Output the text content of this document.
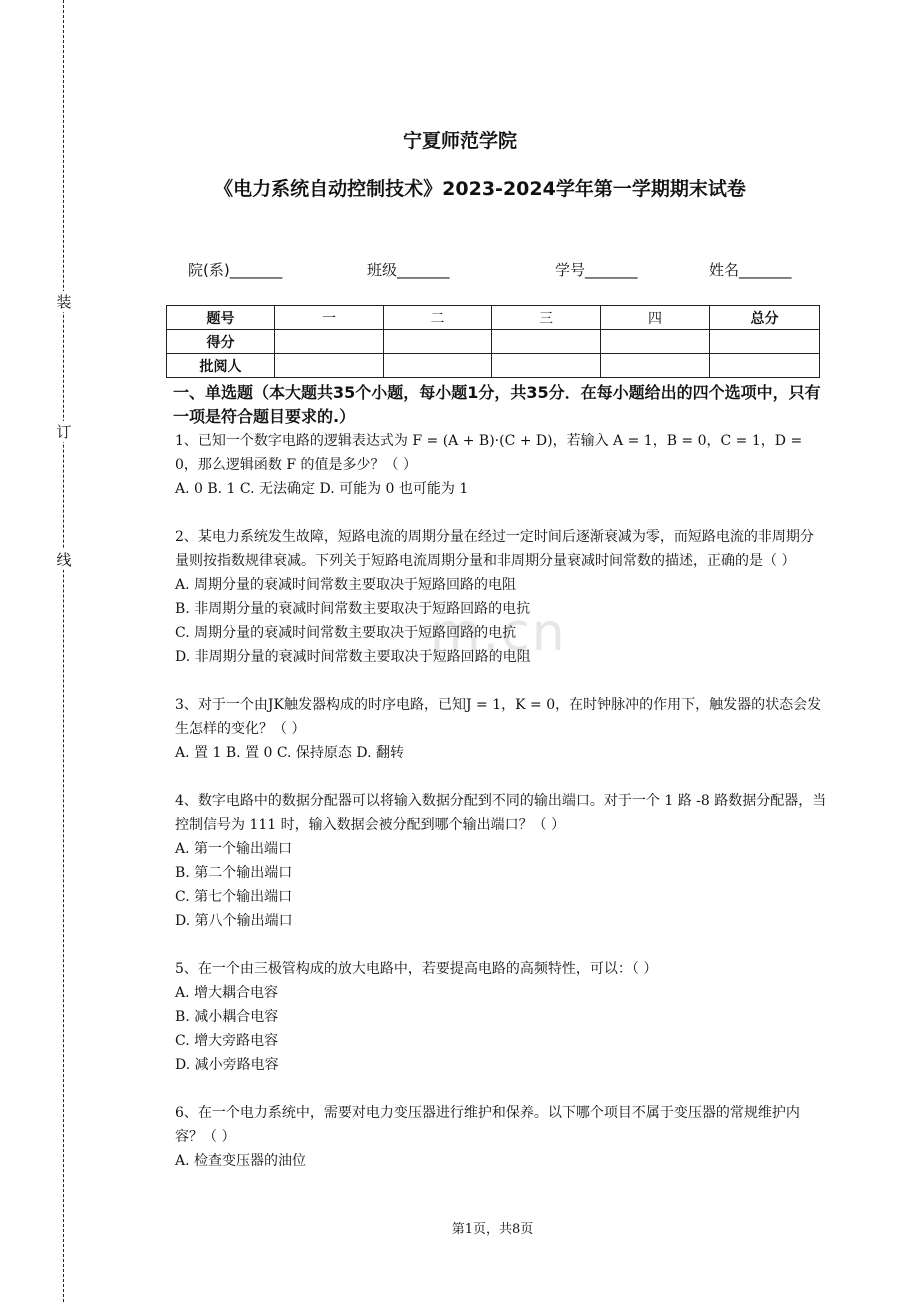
装
订
线
m.cn
宁夏师范学院
《电力系统自动控制技术》2023-2024学年第一学期期末试卷
院(系)_______	班级_______	学号_______	姓名_______
题号	一	二	三	四	总分
得分					
批阅人					
一、单选题（本大题共35个小题，每小题1分，共35分．在每小题给出的四个选项中，只有一项是符合题目要求的.）

1、已知一个数字电路的逻辑表达式为 F = (A + B)·(C + D)，若输入 A = 1，B = 0，C = 1，D = 0，那么逻辑函数 F 的值是多少？（ ）

A. 0 B. 1 C. 无法确定 D. 可能为 0 也可能为 1

2、某电力系统发生故障，短路电流的周期分量在经过一定时间后逐渐衰减为零，而短路电流的非周期分量则按指数规律衰减。下列关于短路电流周期分量和非周期分量衰减时间常数的描述，正确的是（ ）

A. 周期分量的衰减时间常数主要取决于短路回路的电阻

B. 非周期分量的衰减时间常数主要取决于短路回路的电抗

C. 周期分量的衰减时间常数主要取决于短路回路的电抗

D. 非周期分量的衰减时间常数主要取决于短路回路的电阻

3、对于一个由JK触发器构成的时序电路，已知J = 1，K = 0，在时钟脉冲的作用下，触发器的状态会发生怎样的变化？（ ）

A. 置 1 B. 置 0 C. 保持原态 D. 翻转

4、数字电路中的数据分配器可以将输入数据分配到不同的输出端口。对于一个 1 路 -8 路数据分配器，当控制信号为 111 时，输入数据会被分配到哪个输出端口？（ ）

A. 第一个输出端口

B. 第二个输出端口

C. 第七个输出端口

D. 第八个输出端口

5、在一个由三极管构成的放大电路中，若要提高电路的高频特性，可以：（ ）

A. 增大耦合电容

B. 减小耦合电容

C. 增大旁路电容

D. 减小旁路电容

6、在一个电力系统中，需要对电力变压器进行维护和保养。以下哪个项目不属于变压器的常规维护内容？（ ）

A. 检查变压器的油位

第1页，共8页
